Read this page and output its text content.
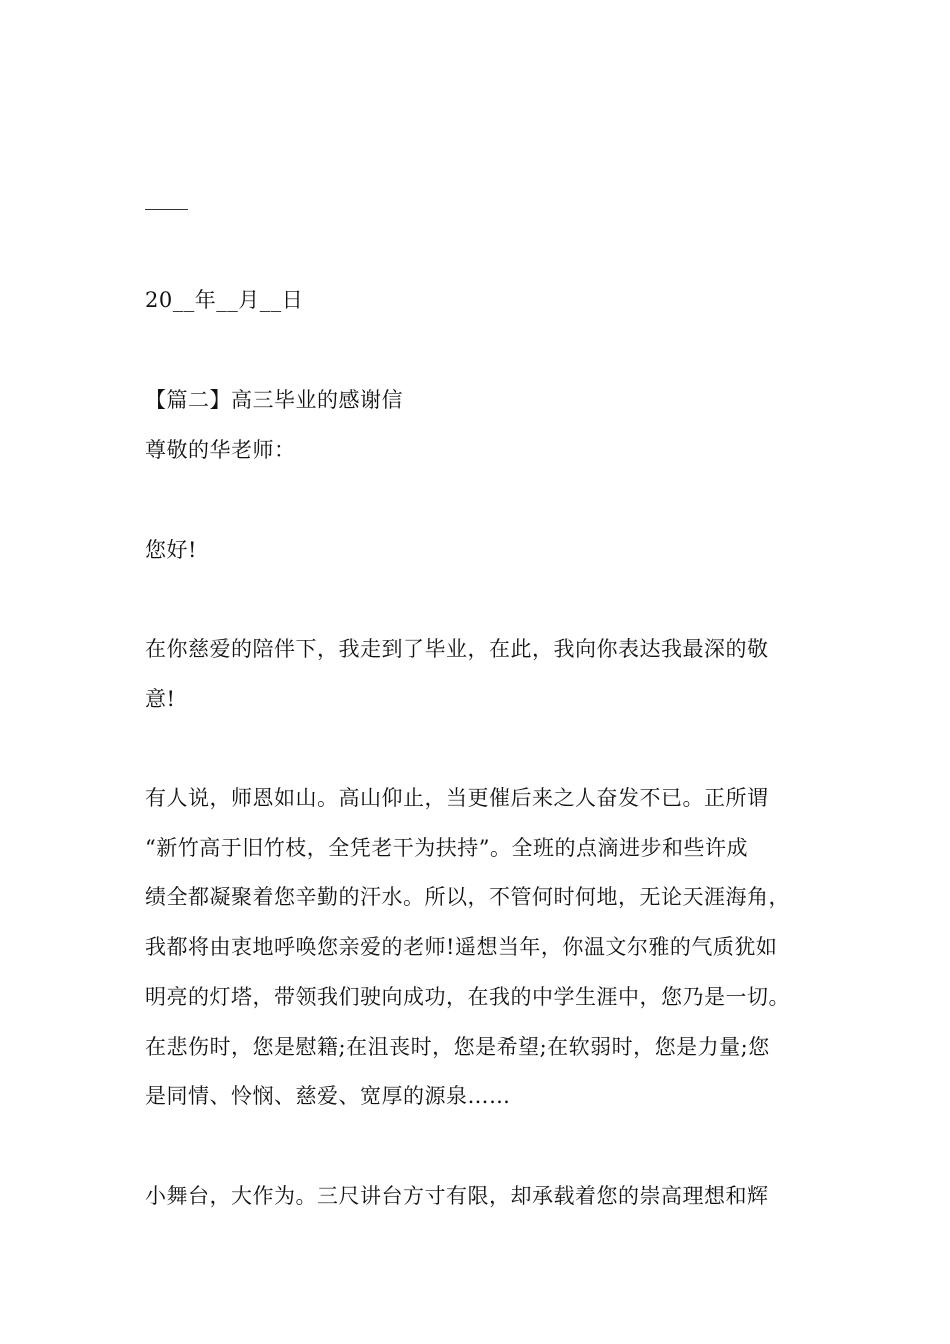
20__年__月__日
【篇二】高三毕业的感谢信
尊敬的华老师：
您好!
在你慈爱的陪伴下，我走到了毕业，在此，我向你表达我最深的敬
意!
有人说，师恩如山。高山仰止，当更催后来之人奋发不已。正所谓
“新竹高于旧竹枝，全凭老干为扶持”。全班的点滴进步和些许成
绩全都凝聚着您辛勤的汗水。所以，不管何时何地，无论天涯海角，
我都将由衷地呼唤您亲爱的老师!遥想当年，你温文尔雅的气质犹如
明亮的灯塔，带领我们驶向成功，在我的中学生涯中，您乃是一切。
在悲伤时，您是慰籍;在沮丧时，您是希望;在软弱时，您是力量;您
是同情、怜悯、慈爱、宽厚的源泉……
小舞台，大作为。三尺讲台方寸有限，却承载着您的崇高理想和辉
